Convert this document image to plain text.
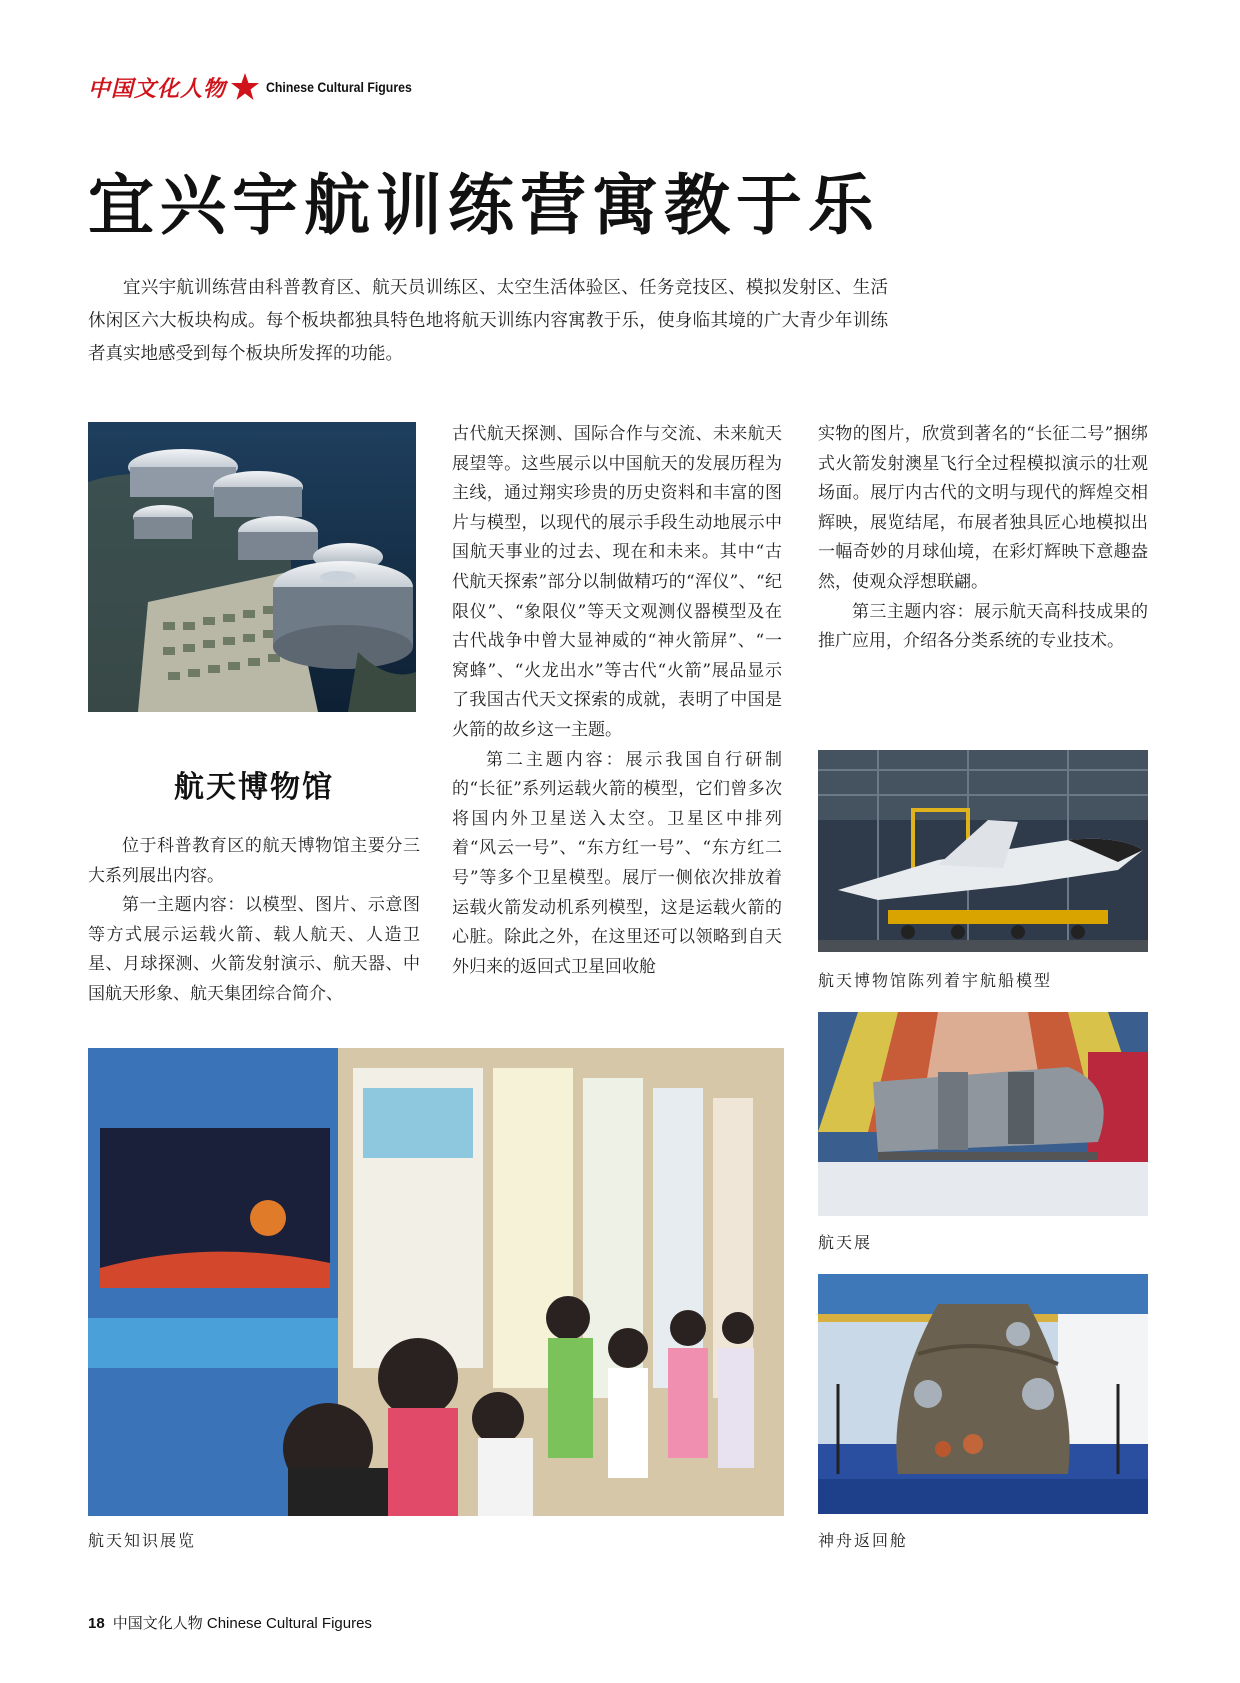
中国文化人物	Chinese Cultural Figures
宜兴宇航训练营寓教于乐
宜兴宇航训练营由科普教育区、航天员训练区、太空生活体验区、任务竞技区、模拟发射区、生活休闲区六大板块构成。每个板块都独具特色地将航天训练内容寓教于乐，使身临其境的广大青少年训练者真实地感受到每个板块所发挥的功能。
航天博物馆

位于科普教育区的航天博物馆主要分三大系列展出内容。

第一主题内容：以模型、图片、示意图等方式展示运载火箭、载人航天、人造卫星、月球探测、火箭发射演示、航天器、中国航天形象、航天集团综合简介、

古代航天探测、国际合作与交流、未来航天展望等。这些展示以中国航天的发展历程为主线，通过翔实珍贵的历史资料和丰富的图片与模型，以现代的展示手段生动地展示中国航天事业的过去、现在和未来。其中“古代航天探索”部分以制做精巧的“浑仪”、“纪限仪”、“象限仪”等天文观测仪器模型及在古代战争中曾大显神威的“神火箭屏”、“一窝蜂”、“火龙出水”等古代“火箭”展品显示了我国古代天文探索的成就，表明了中国是火箭的故乡这一主题。

第二主题内容：展示我国自行研制的“长征”系列运载火箭的模型，它们曾多次将国内外卫星送入太空。卫星区中排列着“风云一号”、“东方红一号”、“东方红二号”等多个卫星模型。展厅一侧依次排放着运载火箭发动机系列模型，这是运载火箭的心脏。除此之外，在这里还可以领略到自天外归来的返回式卫星回收舱

实物的图片，欣赏到著名的“长征二号”捆绑式火箭发射澳星飞行全过程模拟演示的壮观场面。展厅内古代的文明与现代的辉煌交相辉映，展览结尾，布展者独具匠心地模拟出一幅奇妙的月球仙境，在彩灯辉映下意趣盎然，使观众浮想联翩。

第三主题内容：展示航天高科技成果的推广应用，介绍各分类系统的专业技术。

航天博物馆陈列着宇航船模型
航天展
航天知识展览	神舟返回舱
18 中国文化人物 Chinese Cultural Figures
